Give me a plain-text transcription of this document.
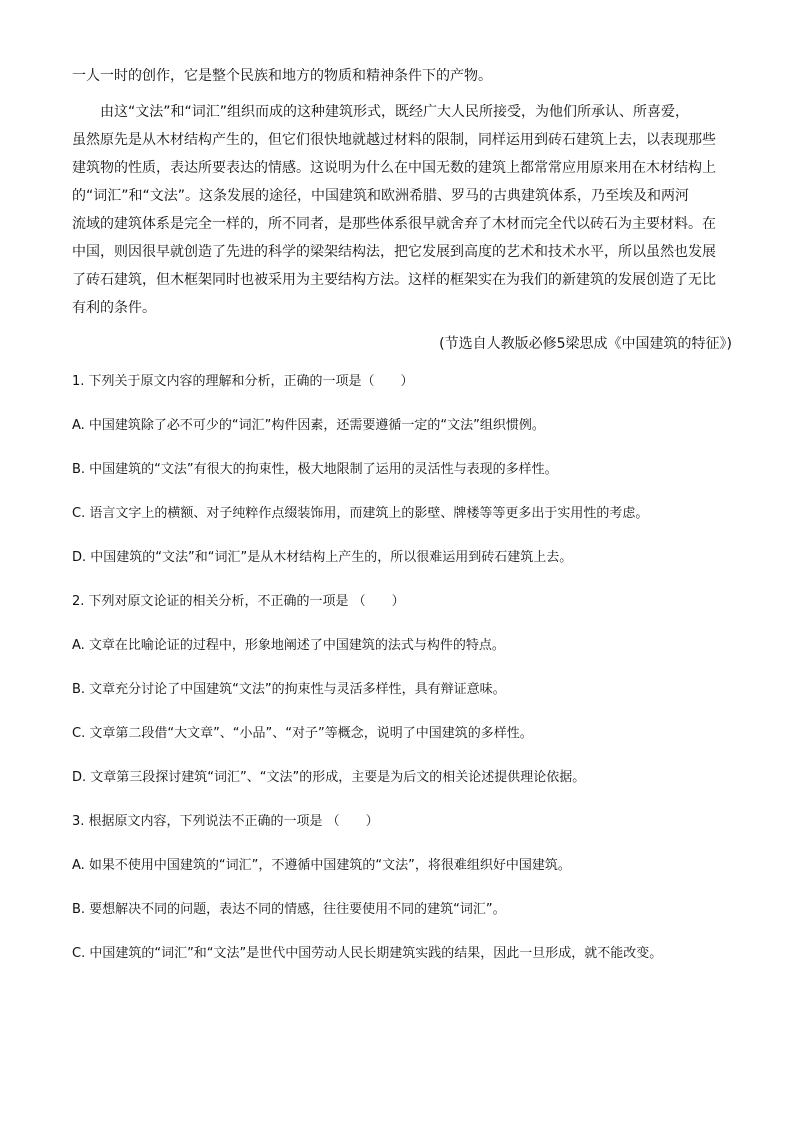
一人一时的创作，它是整个民族和地方的物质和精神条件下的产物。

由这“文法”和“词汇”组织而成的这种建筑形式，既经广大人民所接受，为他们所承认、所喜爱，

虽然原先是从木材结构产生的，但它们很快地就越过材料的限制，同样运用到砖石建筑上去，以表现那些

建筑物的性质，表达所要表达的情感。这说明为什么在中国无数的建筑上都常常应用原来用在木材结构上

的“词汇”和“文法”。这条发展的途径，中国建筑和欧洲希腊、罗马的古典建筑体系，乃至埃及和两河

流域的建筑体系是完全一样的，所不同者，是那些体系很早就舍弃了木材而完全代以砖石为主要材料。在

中国，则因很早就创造了先进的科学的梁架结构法，把它发展到高度的艺术和技术水平，所以虽然也发展

了砖石建筑，但木框架同时也被采用为主要结构方法。这样的框架实在为我们的新建筑的发展创造了无比

有利的条件。

(节选自人教版必修5梁思成《中国建筑的特征》)

1. 下列关于原文内容的理解和分析，正确的一项是（　　）

A. 中国建筑除了必不可少的“词汇”构件因素，还需要遵循一定的“文法”组织惯例。

B. 中国建筑的“文法”有很大的拘束性，极大地限制了运用的灵活性与表现的多样性。

C. 语言文字上的横额、对子纯粹作点缀装饰用，而建筑上的影壁、牌楼等等更多出于实用性的考虑。

D. 中国建筑的“文法”和“词汇”是从木材结构上产生的，所以很难运用到砖石建筑上去。

2. 下列对原文论证的相关分析，不正确的一项是 （　　）

A. 文章在比喻论证的过程中，形象地阐述了中国建筑的法式与构件的特点。

B. 文章充分讨论了中国建筑“文法”的拘束性与灵活多样性，具有辩证意味。

C. 文章第二段借“大文章”、“小品”、“对子”等概念，说明了中国建筑的多样性。

D. 文章第三段探讨建筑“词汇”、“文法”的形成，主要是为后文的相关论述提供理论依据。

3. 根据原文内容，下列说法不正确的一项是 （　　）

A. 如果不使用中国建筑的“词汇”，不遵循中国建筑的“文法”，将很难组织好中国建筑。

B. 要想解决不同的问题，表达不同的情感，往往要使用不同的建筑“词汇”。

C. 中国建筑的“词汇”和“文法”是世代中国劳动人民长期建筑实践的结果，因此一旦形成，就不能改变。
